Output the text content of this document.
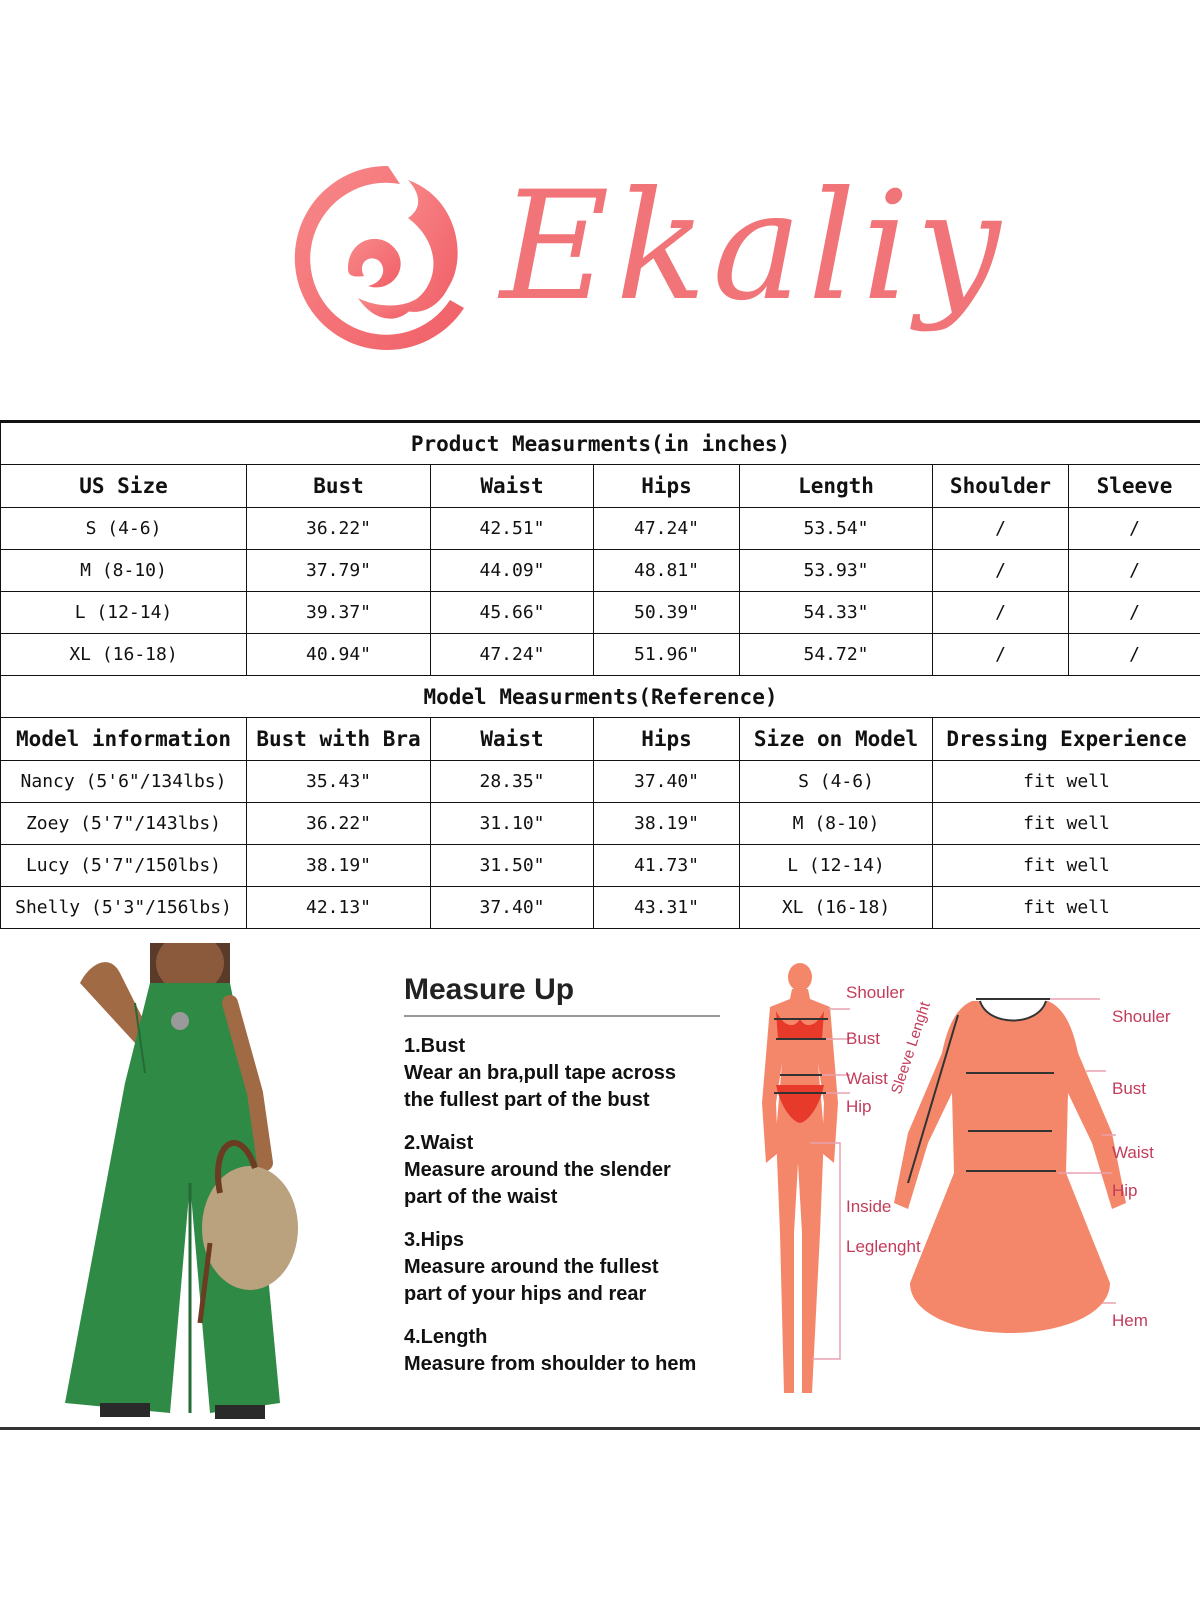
Ekaliy
Product Measurments(in inches)						
US Size	Bust	Waist	Hips	Length	Shoulder	Sleeve
S (4-6)	36.22"	42.51"	47.24"	53.54"	/	/
M (8-10)	37.79"	44.09"	48.81"	53.93"	/	/
L (12-14)	39.37"	45.66"	50.39"	54.33"	/	/
XL (16-18)	40.94"	47.24"	51.96"	54.72"	/	/
Model Measurments(Reference)						
Model information	Bust with Bra	Waist	Hips	Size on Model	Dressing Experience	
Nancy (5'6"/134lbs)	35.43"	28.35"	37.40"	S (4-6)	fit well	
Zoey (5'7"/143lbs)	36.22"	31.10"	38.19"	M (8-10)	fit well	
Lucy (5'7"/150lbs)	38.19"	31.50"	41.73"	L (12-14)	fit well	
Shelly (5'3"/156lbs)	42.13"	37.40"	43.31"	XL (16-18)	fit well	
Measure Up
1.Bust
Wear an bra,pull tape across
the fullest part of the bust
2.Waist
Measure around the slender
part of the waist
3.Hips
Measure around the fullest
part of your hips and rear
4.Length
Measure from shoulder to hem
Shouler
Bust
Waist
Hip
Inside
Leglenght
Shouler
Sleeve Lenght	Bust
Waist
Hip
Hem
